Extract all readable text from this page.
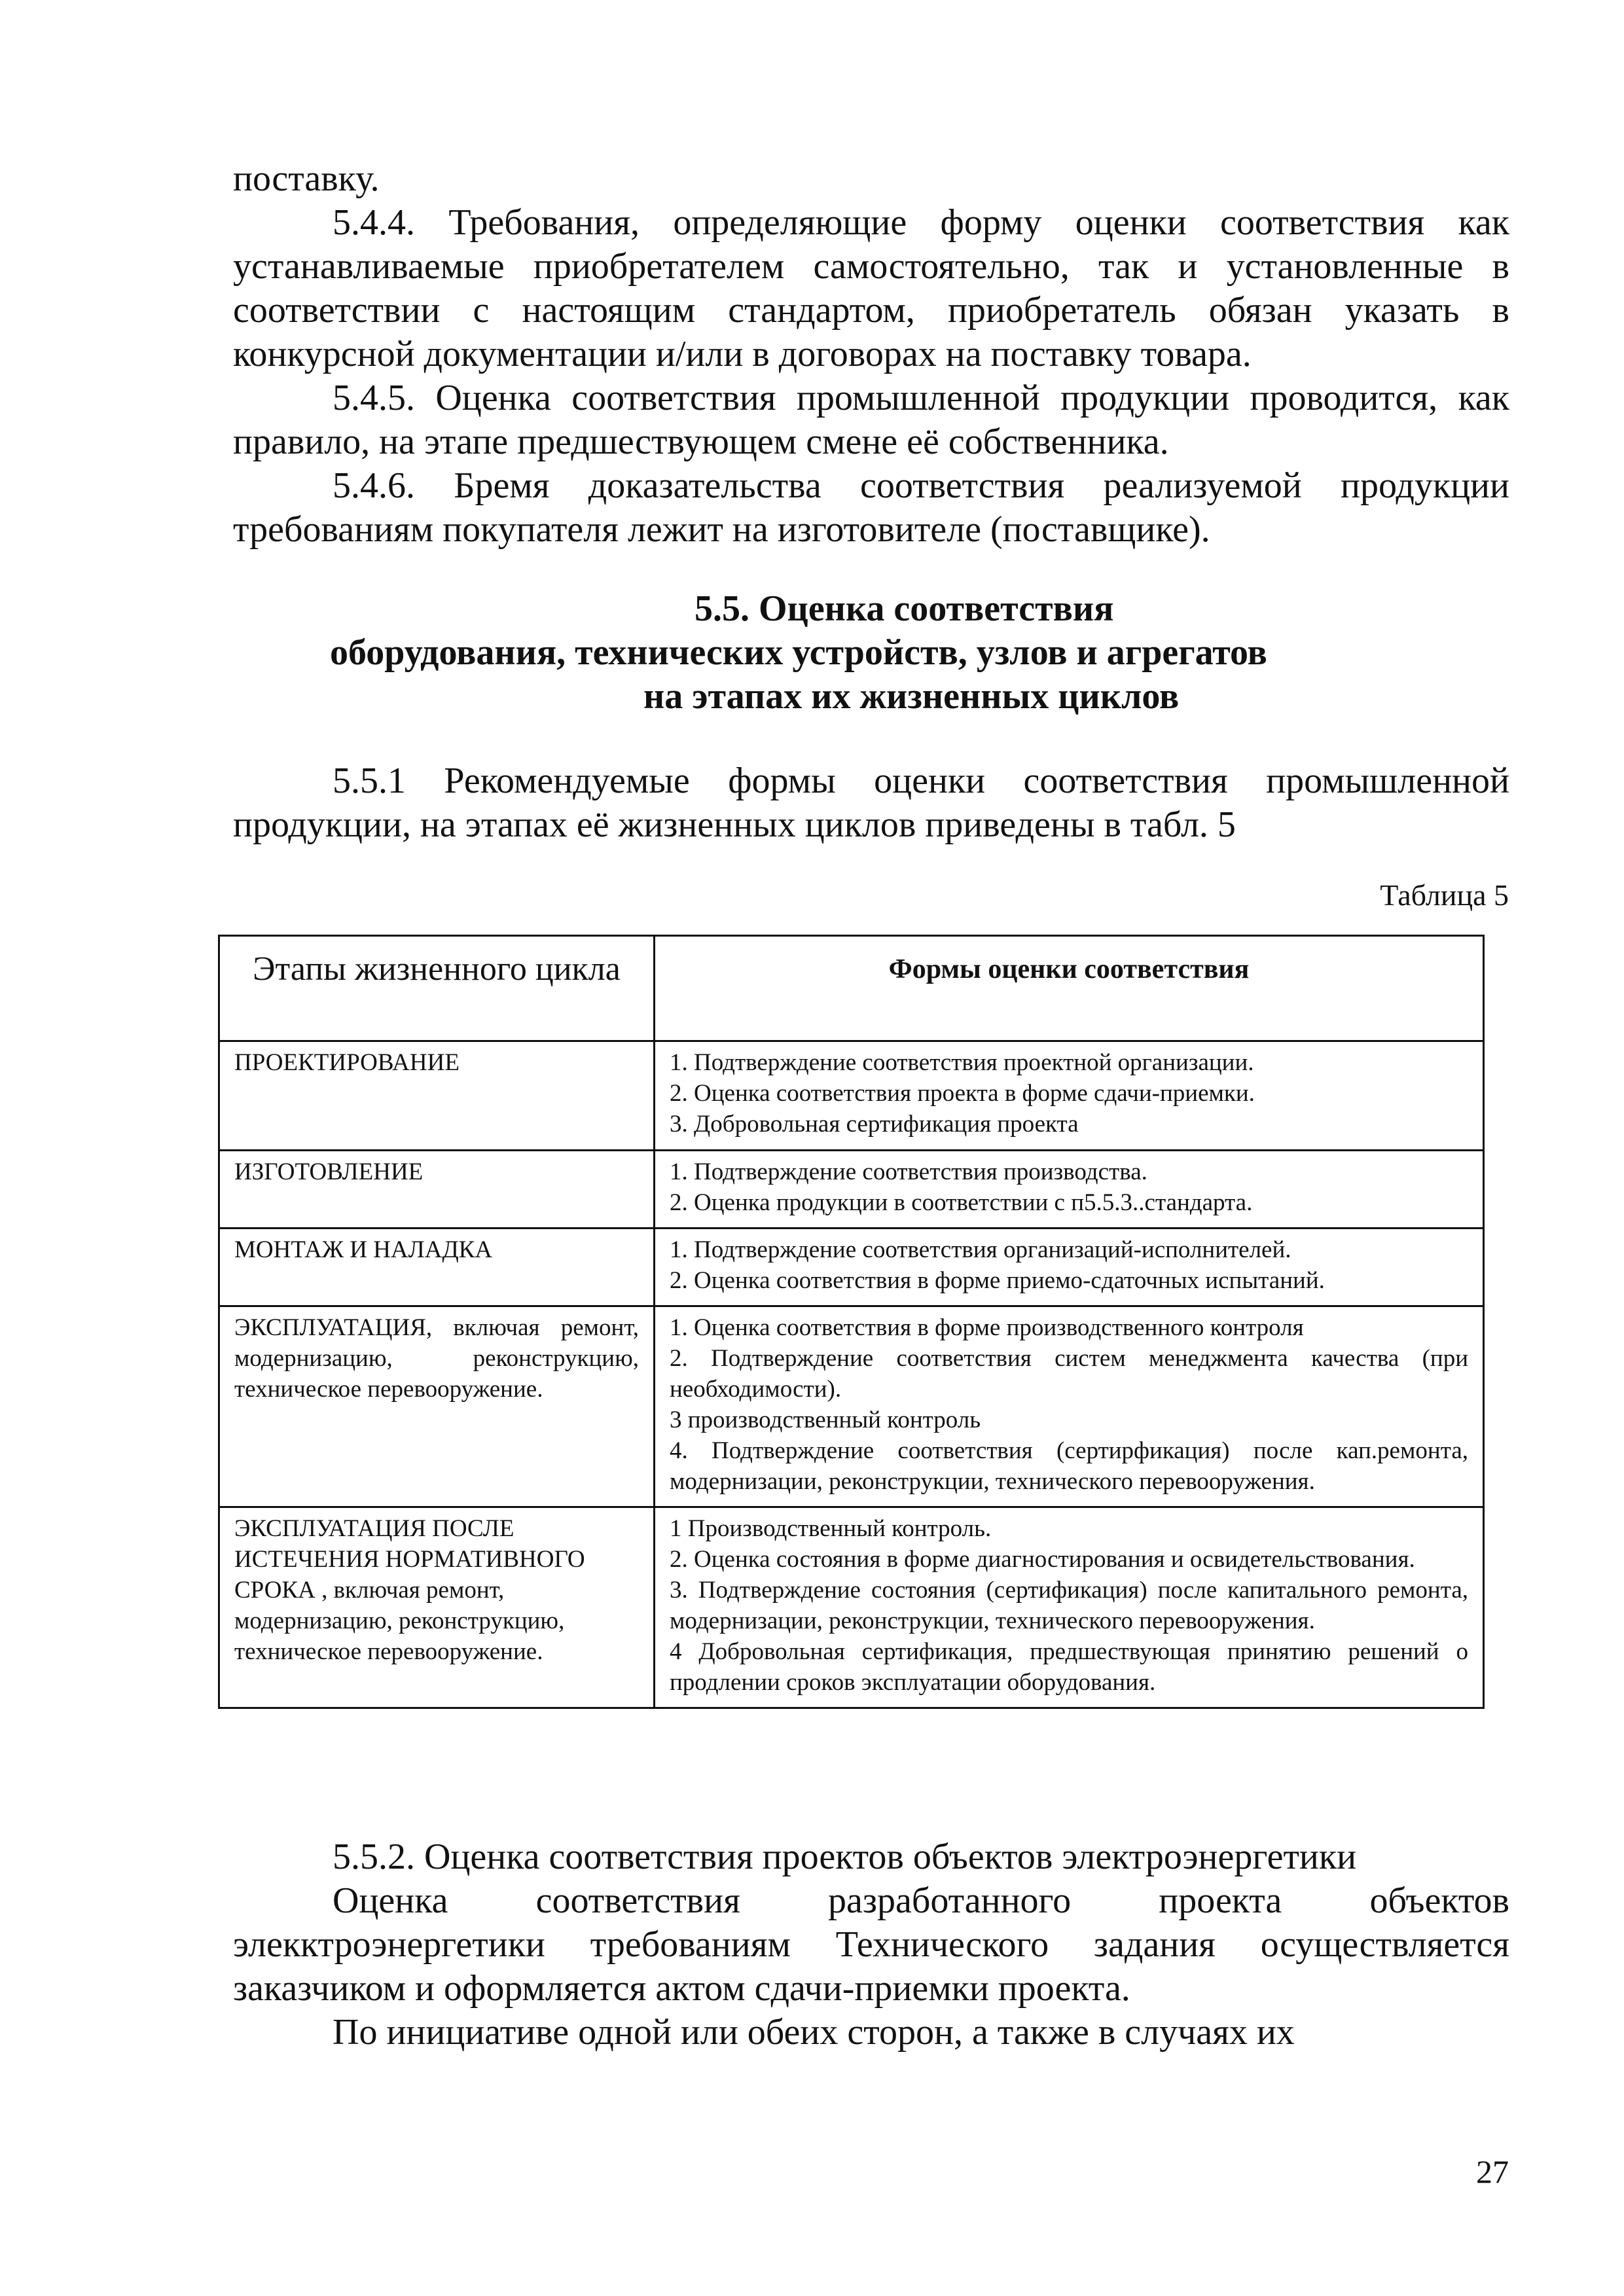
поставку.

5.4.4. Требования, определяющие форму оценки соответствия как устанавливаемые приобретателем самостоятельно, так и установленные в соответствии с настоящим стандартом, приобретатель обязан указать в конкурсной документации и/или в договорах на поставку товара.

5.4.5. Оценка соответствия промышленной продукции проводится, как правило, на этапе предшествующем смене её собственника.

5.4.6. Бремя доказательства соответствия реализуемой продукции требованиям покупателя лежит на изготовителе (поставщике).

5.5. Оценка соответствия
оборудования, технических устройств, узлов и агрегатов
на этапах их жизненных циклов

5.5.1 Рекомендуемые формы оценки соответствия промышленной продукции, на этапах её жизненных циклов приведены в табл. 5

Таблица 5
Этапы жизненного цикла	Формы оценки соответствия
ПРОЕКТИРОВАНИЕ	1. Подтверждение соответствия проектной организации.
2. Оценка соответствия проекта в форме сдачи-приемки.
3. Добровольная сертификация проекта

ИЗГОТОВЛЕНИЕ	1. Подтверждение соответствия производства.
2. Оценка продукции в соответствии с п5.5.3..стандарта.

МОНТАЖ И НАЛАДКА	1. Подтверждение соответствия организаций-исполнителей.
2. Оценка соответствия в форме приемо-сдаточных испытаний.

ЭКСПЛУАТАЦИЯ, включая ремонт, модернизацию, реконструкцию, техническое перевооружение.	1. Оценка соответствия в форме производственного контроля
2. Подтверждение соответствия систем менеджмента качества (при необходимости).
3 производственный контроль
4. Подтверждение соответствия (сертирфикация) после кап.ремонта, модернизации, реконструкции, технического перевооружения.

ЭКСПЛУАТАЦИЯ ПОСЛЕ ИСТЕЧЕНИЯ НОРМАТИВНОГО СРОКА , включая ремонт, модернизацию, реконструкцию, техническое перевооружение.	1 Производственный контроль.
2. Оценка состояния в форме диагностирования и освидетельствования.
3. Подтверждение состояния (сертификация) после капитального ремонта, модернизации, реконструкции, технического перевооружения.
4 Добровольная сертификация, предшествующая принятию решений о продлении сроков эксплуатации оборудования.

5.5.2. Оценка соответствия проектов объектов электроэнергетики

Оценка соответствия разработанного проекта объектов элекктроэнергетики требованиям Технического задания осуществляется заказчиком и оформляется актом сдачи-приемки проекта.

По инициативе одной или обеих сторон, а также в случаях их

27
